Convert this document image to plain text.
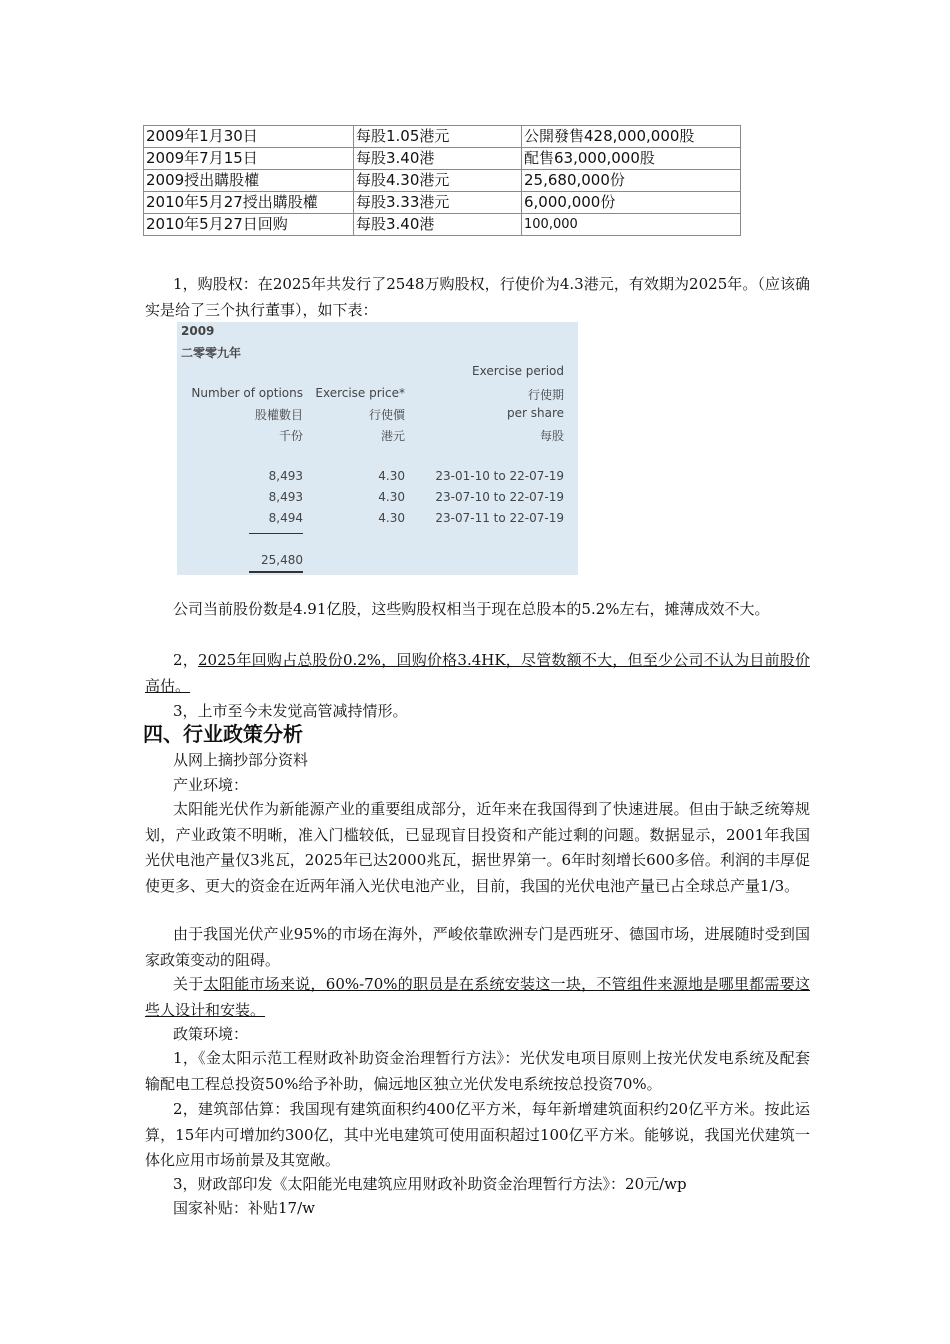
2009年1月30日	每股1.05港元	公開發售428,000,000股
2009年7月15日	每股3.40港	配售63,000,000股
2009授出購股權	每股4.30港元	25,680,000份
2010年5月27授出購股權	每股3.33港元	6,000,000份
2010年5月27日回购	每股3.40港	100,000

1，购股权：在2025年共发行了2548万购股权，行使价为4.3港元，有效期为2025年。（应该确实是给了三个执行董事），如下表：

2009
二零零九年
Exercise period
Number of options	Exercise price*	行使期
股權數目	行使價	per share
千份	港元	每股
8,493	4.30	23-01-10 to 22-07-19
8,493	4.30	23-07-10 to 22-07-19
8,494	4.30	23-07-11 to 22-07-19
25,480

公司当前股份数是4.91亿股，这些购股权相当于现在总股本的5.2%左右，摊薄成效不大。

2，2025年回购占总股份0.2%，回购价格3.4HK，尽管数额不大，但至少公司不认为目前股价高估。

3，上市至今未发觉高管减持情形。

四、行业政策分析

从网上摘抄部分资料

产业环境：

太阳能光伏作为新能源产业的重要组成部分，近年来在我国得到了快速进展。但由于缺乏统筹规划，产业政策不明晰，准入门槛较低，已显现盲目投资和产能过剩的问题。数据显示，2001年我国光伏电池产量仅3兆瓦，2025年已达2000兆瓦，据世界第一。6年时刻增长600多倍。利润的丰厚促使更多、更大的资金在近两年涌入光伏电池产业，目前，我国的光伏电池产量已占全球总产量1/3。

由于我国光伏产业95%的市场在海外，严峻依靠欧洲专门是西班牙、德国市场，进展随时受到国家政策变动的阻碍。

关于太阳能市场来说，60%-70%的职员是在系统安装这一块，不管组件来源地是哪里都需要这些人设计和安装。

政策环境：

1，《金太阳示范工程财政补助资金治理暂行方法》：光伏发电项目原则上按光伏发电系统及配套输配电工程总投资50%给予补助，偏远地区独立光伏发电系统按总投资70%。

2，建筑部估算：我国现有建筑面积约400亿平方米，每年新增建筑面积约20亿平方米。按此运算，15年内可增加约300亿，其中光电建筑可使用面积超过100亿平方米。能够说，我国光伏建筑一体化应用市场前景及其宽敞。

3，财政部印发《太阳能光电建筑应用财政补助资金治理暂行方法》：20元/wp

国家补贴：补贴17/w
